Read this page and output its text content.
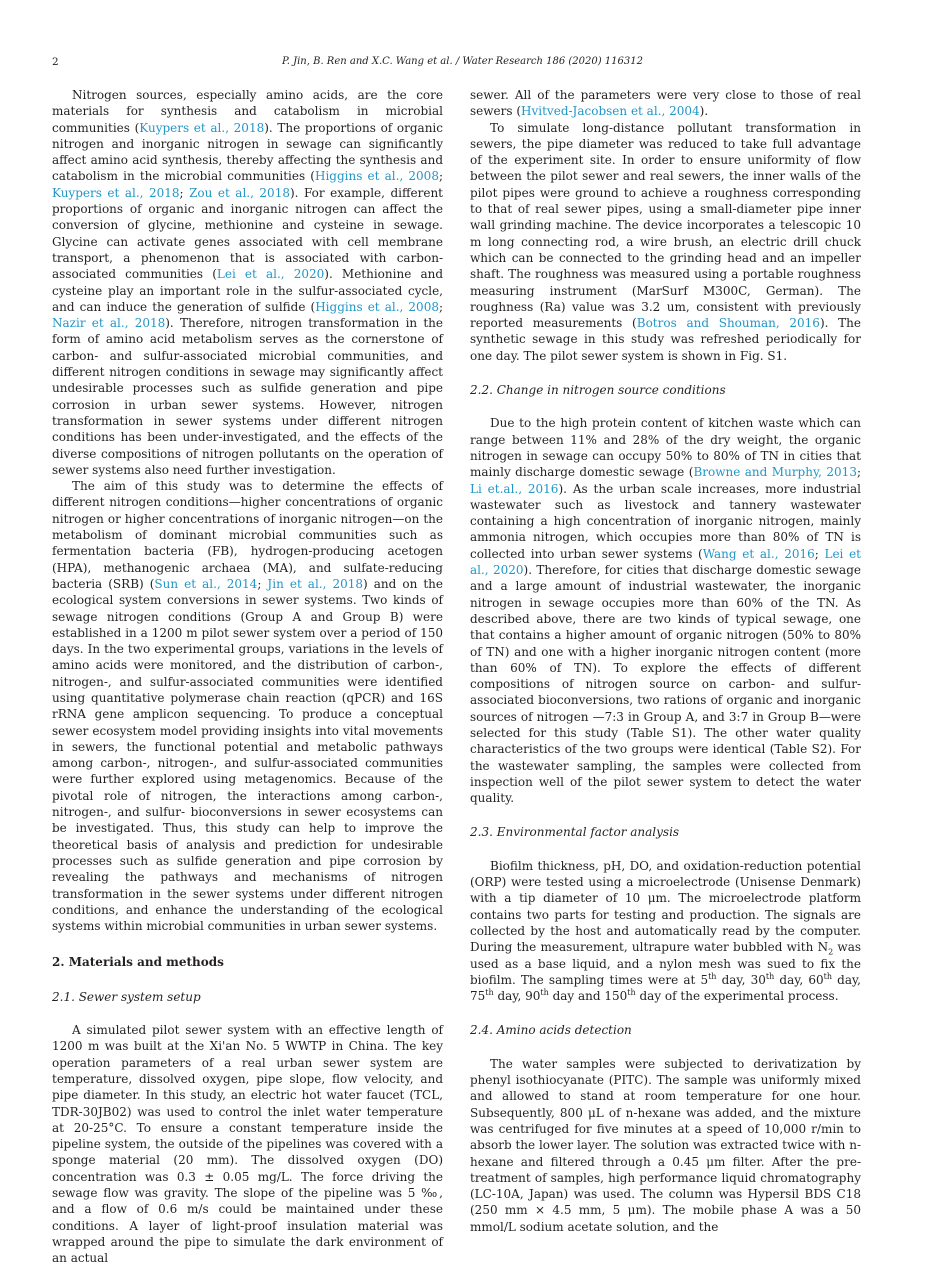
2	P. Jin, B. Ren and X.C. Wang et al. / Water Research 186 (2020) 116312

Nitrogen sources, especially amino acids, are the core materials for synthesis and catabolism in microbial communities (Kuypers et al., 2018). The proportions of organic nitrogen and inorganic nitrogen in sewage can significantly affect amino acid synthesis, thereby affecting the synthesis and catabolism in the microbial communities (Higgins et al., 2008; Kuypers et al., 2018; Zou et al., 2018). For example, different proportions of organic and inorganic nitrogen can affect the conversion of glycine, methionine and cysteine in sewage. Glycine can activate genes associated with cell membrane transport, a phenomenon that is associated with carbon-associated communities (Lei et al., 2020). Methionine and cysteine play an important role in the sulfur-associated cycle, and can induce the generation of sulfide (Higgins et al., 2008; Nazir et al., 2018). Therefore, nitrogen transformation in the form of amino acid metabolism serves as the cornerstone of carbon- and sulfur-associated microbial communities, and different nitrogen conditions in sewage may significantly affect undesirable processes such as sulfide generation and pipe corrosion in urban sewer systems. However, nitrogen transformation in sewer systems under different nitrogen conditions has been under-investigated, and the effects of the diverse compositions of nitrogen pollutants on the operation of sewer systems also need further investigation.

The aim of this study was to determine the effects of different nitrogen conditions—higher concentrations of organic nitrogen or higher concentrations of inorganic nitrogen—on the metabolism of dominant microbial communities such as fermentation bacteria (FB), hydrogen-producing acetogen (HPA), methanogenic archaea (MA), and sulfate-reducing bacteria (SRB) (Sun et al., 2014; Jin et al., 2018) and on the ecological system conversions in sewer systems. Two kinds of sewage nitrogen conditions (Group A and Group B) were established in a 1200 m pilot sewer system over a period of 150 days. In the two experimental groups, variations in the levels of amino acids were monitored, and the distribution of carbon-, nitrogen-, and sulfur-associated communities were identified using quantitative polymerase chain reaction (qPCR) and 16S rRNA gene amplicon sequencing. To produce a conceptual sewer ecosystem model providing insights into vital movements in sewers, the functional potential and metabolic pathways among carbon-, nitrogen-, and sulfur-associated communities were further explored using metagenomics. Because of the pivotal role of nitrogen, the interactions among carbon-, nitrogen-, and sulfur- bioconversions in sewer ecosystems can be investigated. Thus, this study can help to improve the theoretical basis of analysis and prediction for undesirable processes such as sulfide generation and pipe corrosion by revealing the pathways and mechanisms of nitrogen transformation in the sewer systems under different nitrogen conditions, and enhance the understanding of the ecological systems within microbial communities in urban sewer systems.

2. Materials and methods
2.1. Sewer system setup

A simulated pilot sewer system with an effective length of 1200 m was built at the Xi'an No. 5 WWTP in China. The key operation parameters of a real urban sewer system are temperature, dissolved oxygen, pipe slope, flow velocity, and pipe diameter. In this study, an electric hot water faucet (TCL, TDR-30JB02) was used to control the inlet water temperature at 20-25°C. To ensure a constant temperature inside the pipeline system, the outside of the pipelines was covered with a sponge material (20 mm). The dissolved oxygen (DO) concentration was 0.3 ± 0.05 mg/L. The force driving the sewage flow was gravity. The slope of the pipeline was 5 ‰, and a flow of 0.6 m/s could be maintained under these conditions. A layer of light-proof insulation material was wrapped around the pipe to simulate the dark environment of an actual

sewer. All of the parameters were very close to those of real sewers (Hvitved-Jacobsen et al., 2004).

To simulate long-distance pollutant transformation in sewers, the pipe diameter was reduced to take full advantage of the experiment site. In order to ensure uniformity of flow between the pilot sewer and real sewers, the inner walls of the pilot pipes were ground to achieve a roughness corresponding to that of real sewer pipes, using a small-diameter pipe inner wall grinding machine. The device incorporates a telescopic 10 m long connecting rod, a wire brush, an electric drill chuck which can be connected to the grinding head and an impeller shaft. The roughness was measured using a portable roughness measuring instrument (MarSurf M300C, German). The roughness (Ra) value was 3.2 um, consistent with previously reported measurements (Botros and Shouman, 2016). The synthetic sewage in this study was refreshed periodically for one day. The pilot sewer system is shown in Fig. S1.

2.2. Change in nitrogen source conditions

Due to the high protein content of kitchen waste which can range between 11% and 28% of the dry weight, the organic nitrogen in sewage can occupy 50% to 80% of TN in cities that mainly discharge domestic sewage (Browne and Murphy, 2013; Li et.al., 2016). As the urban scale increases, more industrial wastewater such as livestock and tannery wastewater containing a high concentration of inorganic nitrogen, mainly ammonia nitrogen, which occupies more than 80% of TN is collected into urban sewer systems (Wang et al., 2016; Lei et al., 2020). Therefore, for cities that discharge domestic sewage and a large amount of industrial wastewater, the inorganic nitrogen in sewage occupies more than 60% of the TN. As described above, there are two kinds of typical sewage, one that contains a higher amount of organic nitrogen (50% to 80% of TN) and one with a higher inorganic nitrogen content (more than 60% of TN). To explore the effects of different compositions of nitrogen source on carbon- and sulfur-associated bioconversions, two rations of organic and inorganic sources of nitrogen —7:3 in Group A, and 3:7 in Group B—were selected for this study (Table S1). The other water quality characteristics of the two groups were identical (Table S2). For the wastewater sampling, the samples were collected from inspection well of the pilot sewer system to detect the water quality.

2.3. Environmental factor analysis

Biofilm thickness, pH, DO, and oxidation-reduction potential (ORP) were tested using a microelectrode (Unisense Denmark) with a tip diameter of 10 μm. The microelectrode platform contains two parts for testing and production. The signals are collected by the host and automatically read by the computer. During the measurement, ultrapure water bubbled with $N_2$ was used as a base liquid, and a nylon mesh was sued to fix the biofilm. The sampling times were at 5th day, 30th day, 60th day, 75th day, 90th day and 150th day of the experimental process.

2.4. Amino acids detection

The water samples were subjected to derivatization by phenyl isothiocyanate (PITC). The sample was uniformly mixed and allowed to stand at room temperature for one hour. Subsequently, 800 μL of n-hexane was added, and the mixture was centrifuged for five minutes at a speed of 10,000 r/min to absorb the lower layer. The solution was extracted twice with n-hexane and filtered through a 0.45 μm filter. After the pre-treatment of samples, high performance liquid chromatography (LC-10A, Japan) was used. The column was Hypersil BDS C18 (250 mm × 4.5 mm, 5 μm). The mobile phase A was a 50 mmol/L sodium acetate solution, and the
